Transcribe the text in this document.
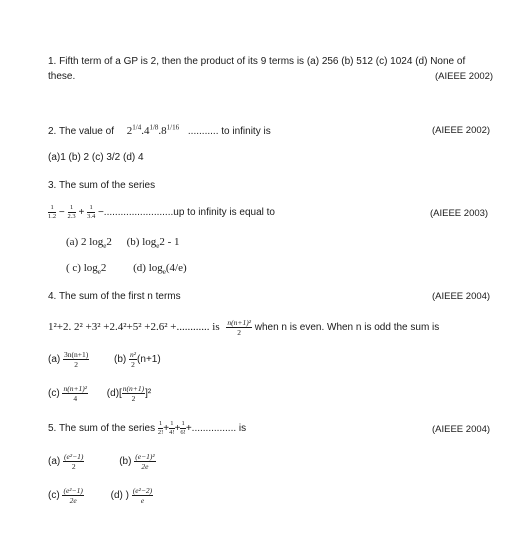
1. Fifth term of a GP is 2, then the product of its 9 terms is (a) 256 (b) 512 (c) 1024 (d) None of
these.	(AIEEE 2002)
2. The value of $2^{1/4}.4^{1/8}.8^{1/16}$ ........... to infinity is	(AIEEE 2002)
(a)1 (b) 2 (c) 3/2 (d) 4
3. The sum of the series
$\frac{1}{1.2} - \frac{1}{2.3} + \frac{1}{3.4} -.........................up$ to infinity is equal to	(AIEEE 2003)
(a) 2 $\log_e2$ (b) $\log_e2 - 1$
( c) $\log_e2$ (d) $\log_e(4/e)$
4. The sum of the first n terms	(AIEEE 2004)
1²+2. 2² +3² +2.4²+5² +2.6² +............ is $\frac{\text{n(n+1)²}}{2}$ when n is even. When n is odd the sum is
$(a) \frac{3n(n+1)}{2} (b) \frac{\text{n²}}{2} (n+1)$
$(c) \frac{\text{n(n+1)²}}{4} (d)[ \frac{n(n+1)}{2} ]^2$
5. The sum of the series $\frac{1}{2!} + \frac{1}{4!} + \frac{1}{6!}$ +................ is	(AIEEE 2004)
$(a) \frac{\text{(e²−1)}}{2}$	$(b) \frac{\text{(e−1)²}}{2e}$
$(c) \frac{\text{(e²−1)}}{2e}$	(d) ) $\frac{\text{(e²−2)}}{e}$
